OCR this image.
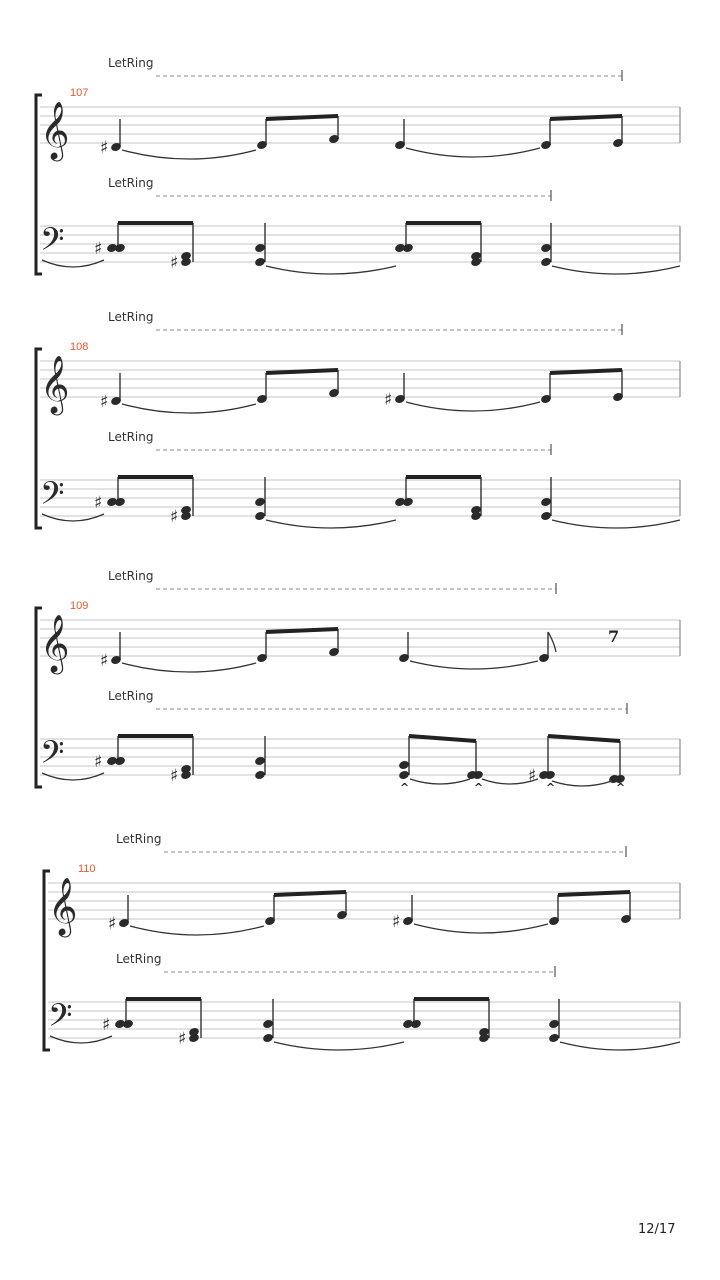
LetRing
LetRing
107
𝄞
𝄢
♯
♯
♯
LetRing
LetRing
108
𝄞
𝄢
♯	♯
♯
♯
LetRing
LetRing
109
𝄞
𝄢
♯
7
♯
♯	♯
^	^	^	^
LetRing
LetRing
110
𝄞
𝄢
♯	♯
♯
♯
12/17
